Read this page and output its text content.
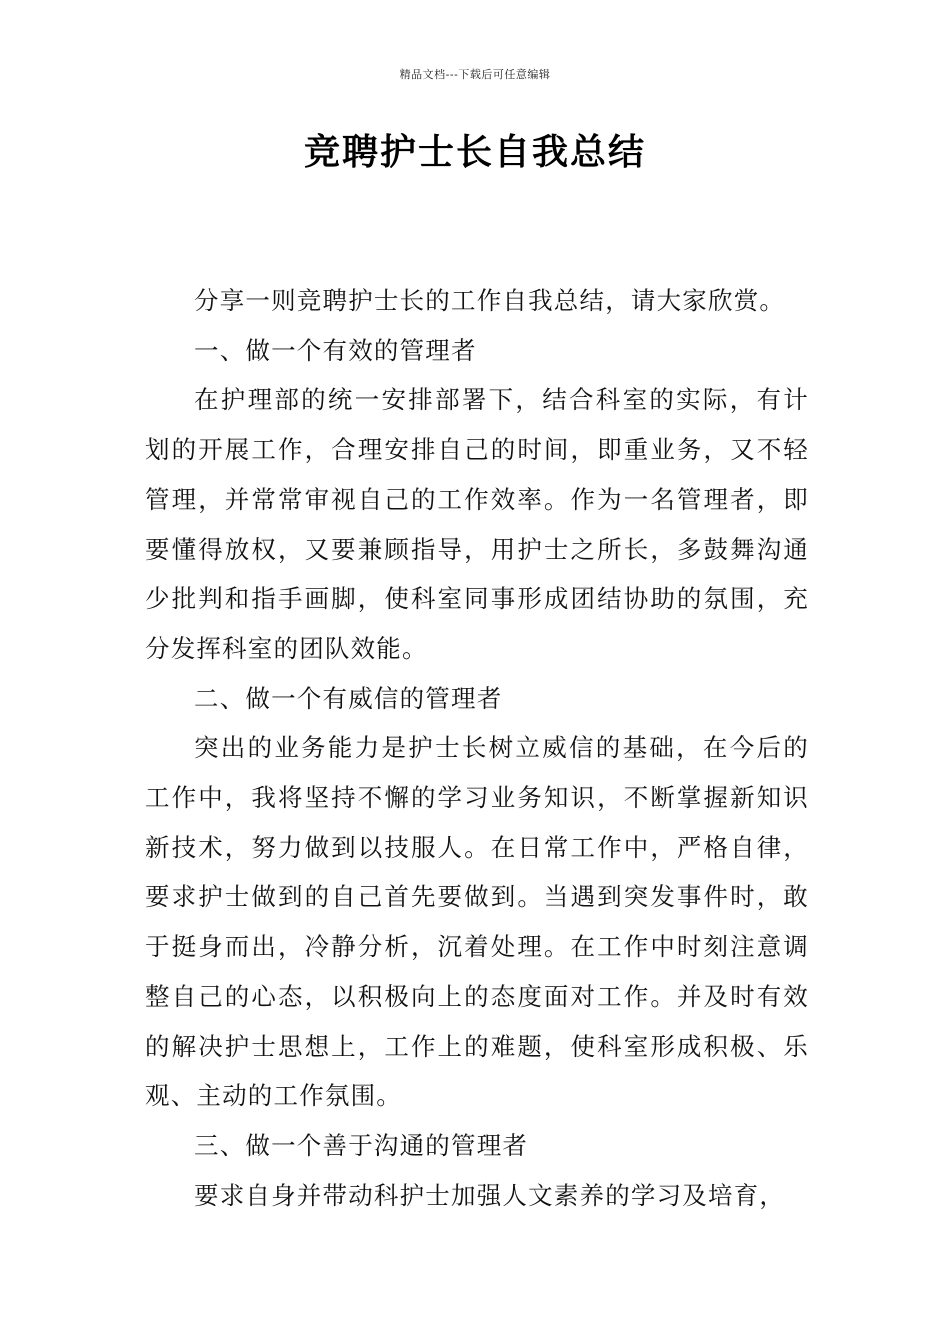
精品文档---下载后可任意编辑
竞聘护士长自我总结

分享一则竞聘护士长的工作自我总结，请大家欣赏。

一、做一个有效的管理者

在护理部的统一安排部署下，结合科室的实际，有计划的开展工作，合理安排自己的时间，即重业务，又不轻管理，并常常审视自己的工作效率。作为一名管理者，即要懂得放权，又要兼顾指导，用护士之所长，多鼓舞沟通少批判和指手画脚，使科室同事形成团结协助的氛围，充分发挥科室的团队效能。

二、做一个有威信的管理者

突出的业务能力是护士长树立威信的基础，在今后的工作中，我将坚持不懈的学习业务知识，不断掌握新知识新技术，努力做到以技服人。在日常工作中，严格自律，要求护士做到的自己首先要做到。当遇到突发事件时，敢于挺身而出，冷静分析，沉着处理。在工作中时刻注意调整自己的心态，以积极向上的态度面对工作。并及时有效的解决护士思想上，工作上的难题，使科室形成积极、乐观、主动的工作氛围。

三、做一个善于沟通的管理者

要求自身并带动科护士加强人文素养的学习及培育，
